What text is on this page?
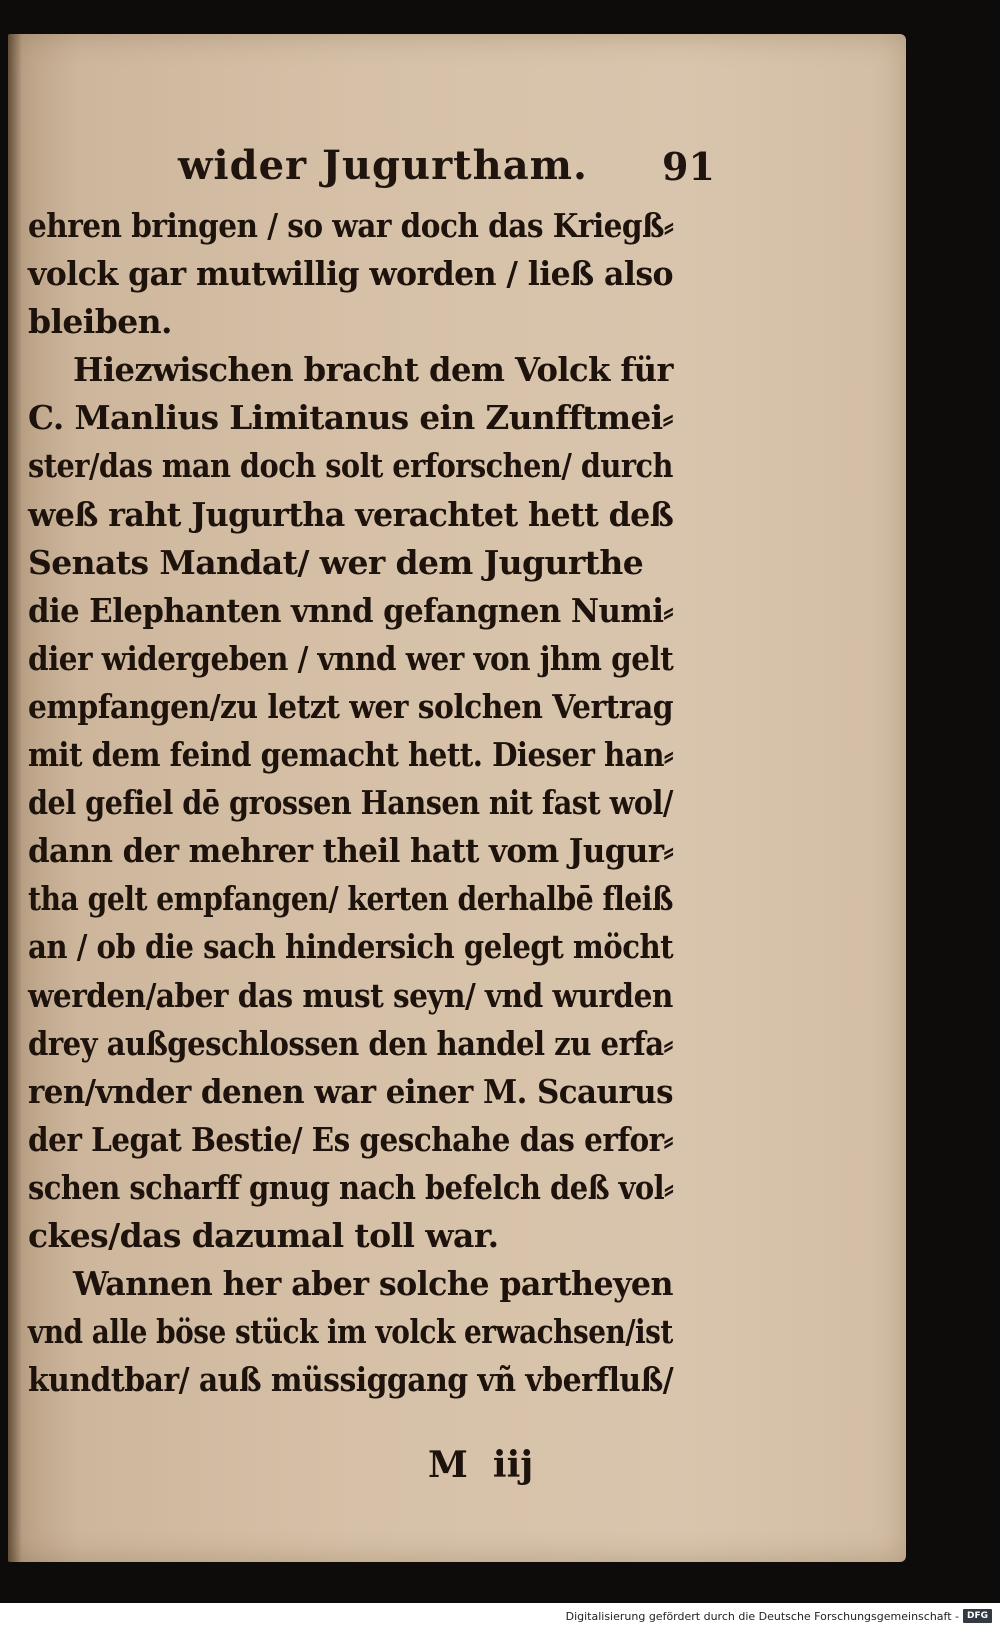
wider Jugurtham. 91
ehren bringen / so war doch das Kriegß⸗
volck gar mutwillig worden / ließ also
bleiben.
Hiezwischen bracht dem Volck für
C. Manlius Limitanus ein Zunfftmei⸗
ster/das man doch solt erforschen/ durch
weß raht Jugurtha verachtet hett deß
Senats Mandat/ wer dem Jugurthe
die Elephanten vnnd gefangnen Numi⸗
dier widergeben / vnnd wer von jhm gelt
empfangen/zu letzt wer solchen Vertrag
mit dem feind gemacht hett. Dieser han⸗
del gefiel dē grossen Hansen nit fast wol/
dann der mehrer theil hatt vom Jugur⸗
tha gelt empfangen/ kerten derhalbē fleiß
an / ob die sach hindersich gelegt möcht
werden/aber das must seyn/ vnd wurden
drey außgeschlossen den handel zu erfa⸗
ren/vnder denen war einer M. Scaurus
der Legat Bestie/ Es geschahe das erfor⸗
schen scharff gnug nach befelch deß vol⸗
ckes/das dazumal toll war.
Wannen her aber solche partheyen
vnd alle böse stück im volck erwachsen/ist
kundtbar/ auß müssiggang vñ vberfluß/
M  iij
Digitalisierung gefördert durch die Deutsche Forschungsgemeinschaft - DFG
